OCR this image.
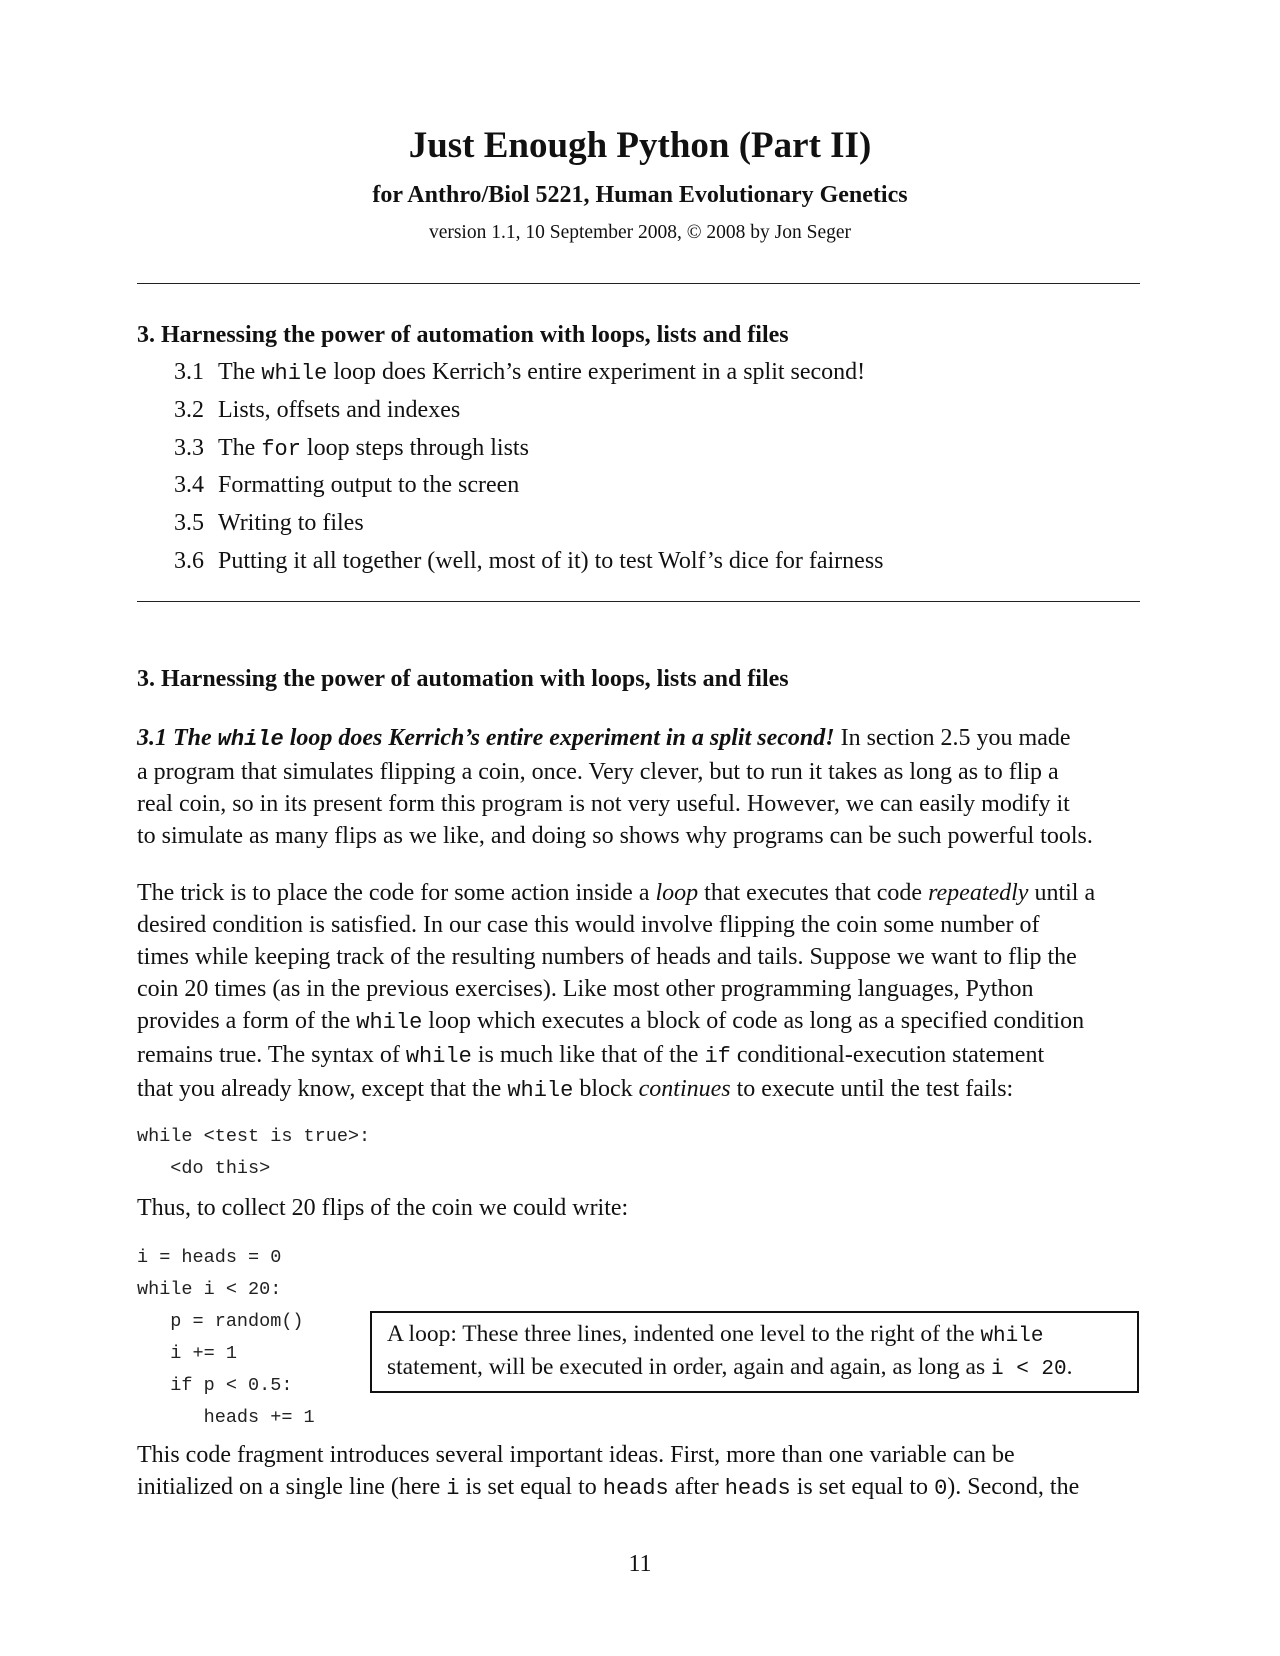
Just Enough Python (Part II)
for Anthro/Biol 5221, Human Evolutionary Genetics
version 1.1, 10 September 2008, © 2008 by Jon Seger
3. Harnessing the power of automation with loops, lists and files
3.1 The while loop does Kerrich’s entire experiment in a split second!
3.2 Lists, offsets and indexes
3.3 The for loop steps through lists
3.4 Formatting output to the screen
3.5 Writing to files
3.6 Putting it all together (well, most of it) to test Wolf’s dice for fairness
3. Harnessing the power of automation with loops, lists and files
3.1 The while loop does Kerrich’s entire experiment in a split second! In section 2.5 you made
a program that simulates flipping a coin, once. Very clever, but to run it takes as long as to flip a
real coin, so in its present form this program is not very useful. However, we can easily modify it
to simulate as many flips as we like, and doing so shows why programs can be such powerful tools.
The trick is to place the code for some action inside a loop that executes that code repeatedly until a
desired condition is satisfied. In our case this would involve flipping the coin some number of
times while keeping track of the resulting numbers of heads and tails. Suppose we want to flip the
coin 20 times (as in the previous exercises). Like most other programming languages, Python
provides a form of the while loop which executes a block of code as long as a specified condition
remains true. The syntax of while is much like that of the if conditional-execution statement
that you already know, except that the while block continues to execute until the test fails:
while <test is true>:
<do this>
Thus, to collect 20 flips of the coin we could write:
i = heads = 0
while i < 20:
p = random()
i += 1
if p < 0.5:
heads += 1
A loop: These three lines, indented one level to the right of the while
statement, will be executed in order, again and again, as long as i < 20.
This code fragment introduces several important ideas. First, more than one variable can be
initialized on a single line (here i is set equal to heads after heads is set equal to 0). Second, the
11
